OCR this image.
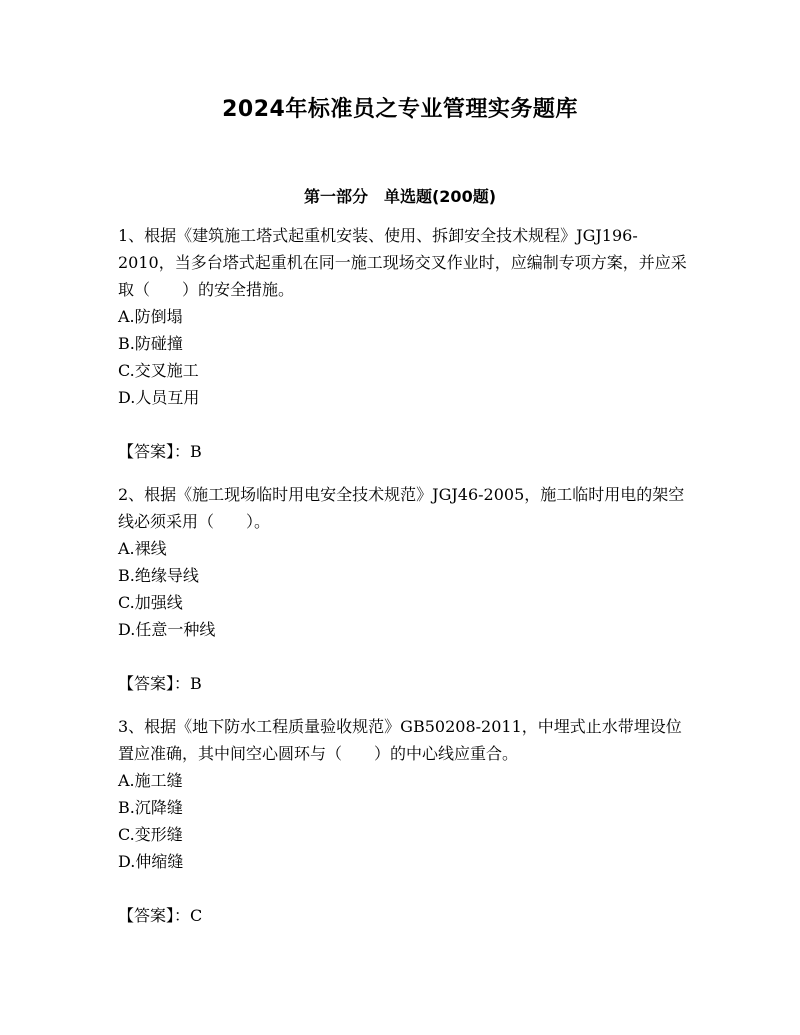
2024年标准员之专业管理实务题库
第一部分　单选题(200题)

1、根据《建筑施工塔式起重机安装、使用、拆卸安全技术规程》JGJ196-2010，当多台塔式起重机在同一施工现场交叉作业时，应编制专项方案，并应采取（　　）的安全措施。

A.防倒塌

B.防碰撞

C.交叉施工

D.人员互用

【答案】：B

2、根据《施工现场临时用电安全技术规范》JGJ46-2005，施工临时用电的架空线必须采用（　　）。

A.裸线

B.绝缘导线

C.加强线

D.任意一种线

【答案】：B

3、根据《地下防水工程质量验收规范》GB50208-2011，中埋式止水带埋设位置应准确，其中间空心圆环与（　　）的中心线应重合。

A.施工缝

B.沉降缝

C.变形缝

D.伸缩缝

【答案】：C
